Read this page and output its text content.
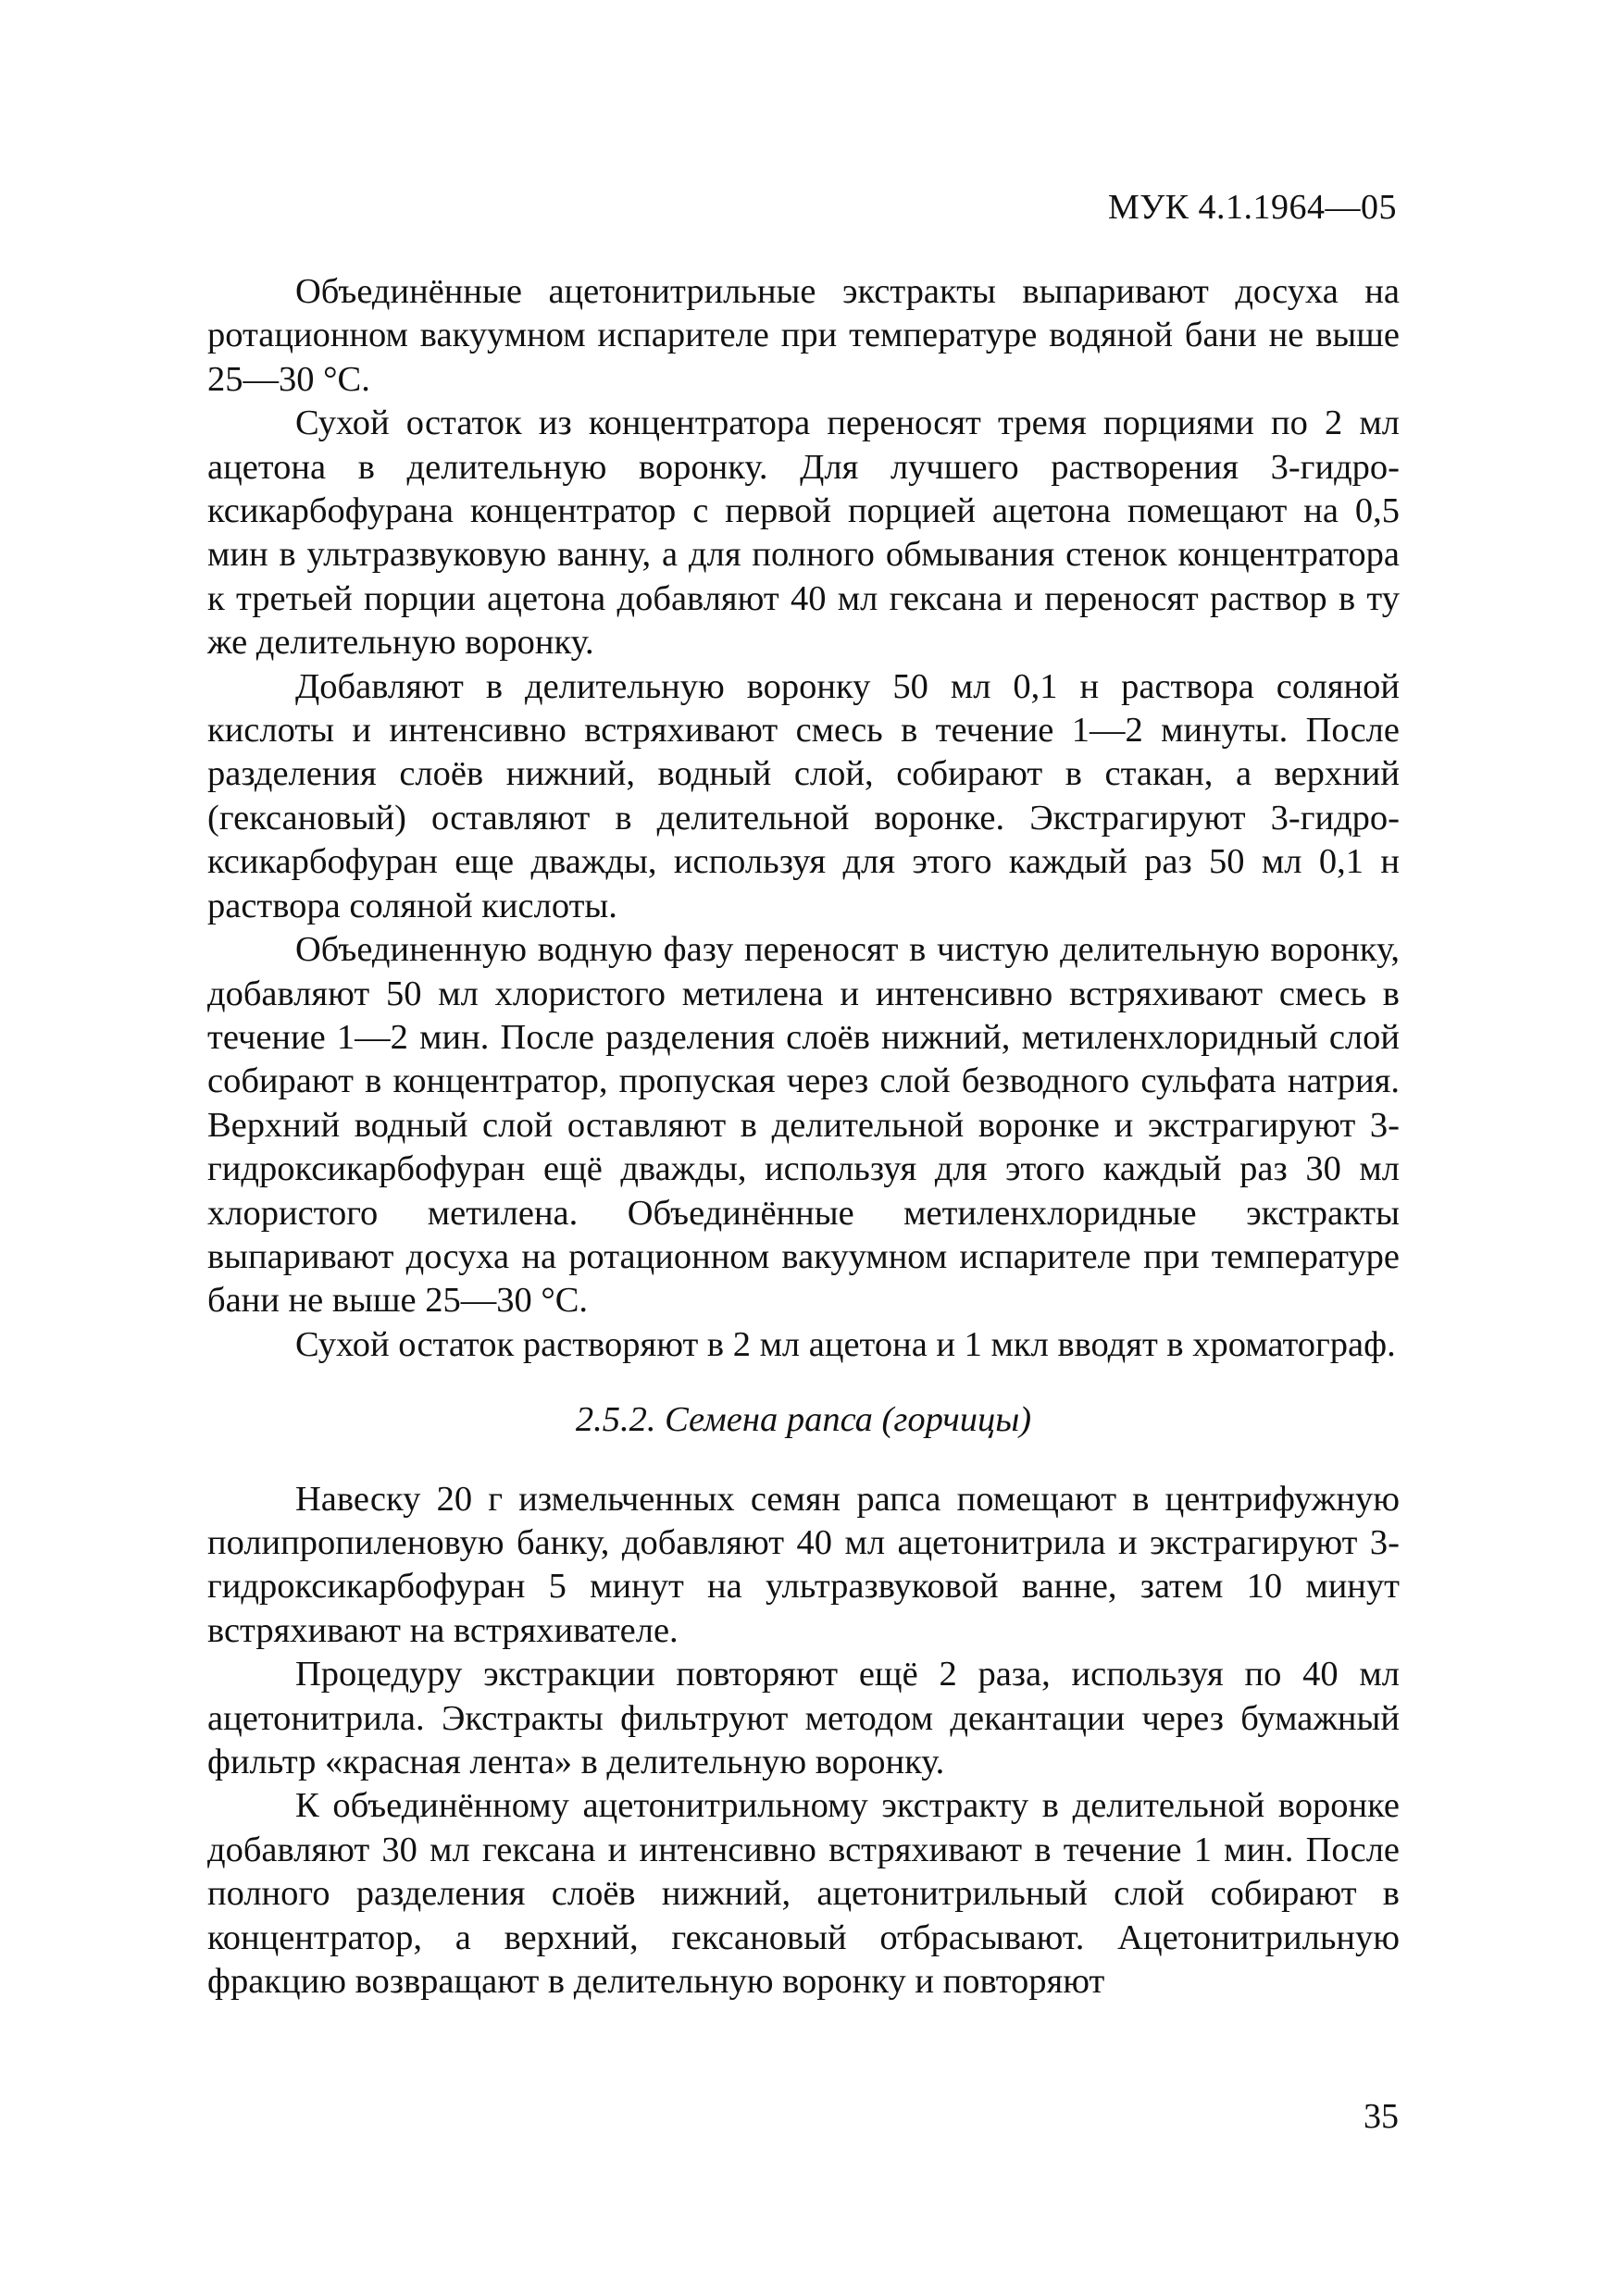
МУК 4.1.1964—05

Объединённые ацетонитрильные экстракты выпаривают досуха на ротационном вакуумном испарителе при температуре водяной бани не выше 25—30 °С.

Сухой остаток из концентратора переносят тремя порциями по 2 мл ацетона в делительную воронку. Для лучшего растворения 3-гидроксикарбофурана концентратор с первой порцией ацетона помещают на 0,5 мин в ультразвуковую ванну, а для полного обмывания стенок концентратора к третьей порции ацетона добавляют 40 мл гексана и переносят раствор в ту же делительную воронку.

Добавляют в делительную воронку 50 мл 0,1 н раствора соляной кислоты и интенсивно встряхивают смесь в течение 1—2 минуты. После разделения слоёв нижний, водный слой, собирают в стакан, а верхний (гексановый) оставляют в делительной воронке. Экстрагируют 3-гидроксикарбофуран еще дважды, используя для этого каждый раз 50 мл 0,1 н раствора соляной кислоты.

Объединенную водную фазу переносят в чистую делительную воронку, добавляют 50 мл хлористого метилена и интенсивно встряхивают смесь в течение 1—2 мин. После разделения слоёв нижний, метиленхлоридный слой собирают в концентратор, пропуская через слой безводного сульфата натрия. Верхний водный слой оставляют в делительной воронке и экстрагируют 3-гидроксикарбофуран ещё дважды, используя для этого каждый раз 30 мл хлористого метилена. Объединённые метиленхлоридные экстракты выпаривают досуха на ротационном вакуумном испарителе при температуре бани не выше 25—30 °С.

Сухой остаток растворяют в 2 мл ацетона и 1 мкл вводят в хроматограф.

2.5.2. Семена рапса (горчицы)

Навеску 20 г измельченных семян рапса помещают в центрифужную полипропиленовую банку, добавляют 40 мл ацетонитрила и экстрагируют 3-гидроксикарбофуран 5 минут на ультразвуковой ванне, затем 10 минут встряхивают на встряхивателе.

Процедуру экстракции повторяют ещё 2 раза, используя по 40 мл ацетонитрила. Экстракты фильтруют методом декантации через бумажный фильтр «красная лента» в делительную воронку.

К объединённому ацетонитрильному экстракту в делительной воронке добавляют 30 мл гексана и интенсивно встряхивают в течение 1 мин. После полного разделения слоёв нижний, ацетонитрильный слой собирают в концентратор, а верхний, гексановый отбрасывают. Ацетонитрильную фракцию возвращают в делительную воронку и повторяют

35
